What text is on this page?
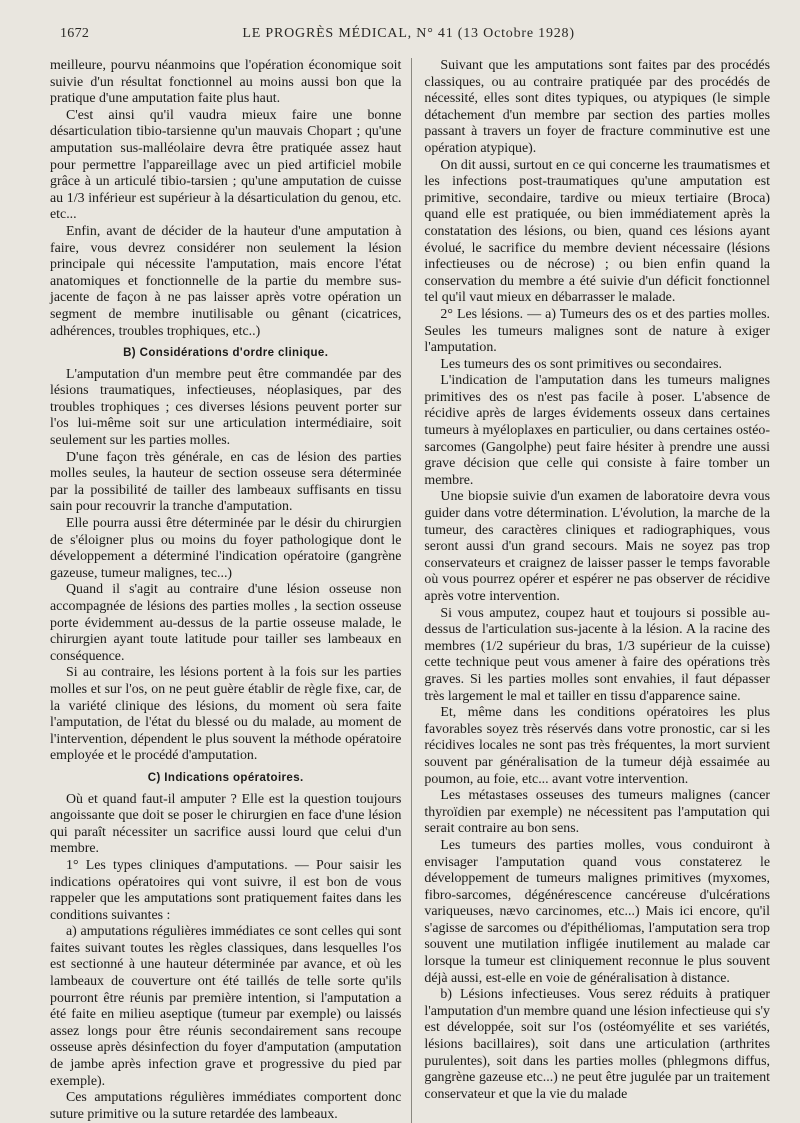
1672	LE PROGRÈS MÉDICAL, N° 41 (13 Octobre 1928)

meilleure, pourvu néanmoins que l'opération économique soit suivie d'un résultat fonctionnel au moins aussi bon que la pratique d'une amputation faite plus haut.

C'est ainsi qu'il vaudra mieux faire une bonne désarticulation tibio-tarsienne qu'un mauvais Chopart ; qu'une amputation sus-malléolaire devra être pratiquée assez haut pour permettre l'appareillage avec un pied artificiel mobile grâce à un articulé tibio-tarsien ; qu'une amputation de cuisse au 1/3 inférieur est supérieur à la désarticulation du genou, etc. etc...

Enfin, avant de décider de la hauteur d'une amputation à faire, vous devrez considérer non seulement la lésion principale qui nécessite l'amputation, mais encore l'état anatomiques et fonctionnelle de la partie du membre sus-jacente de façon à ne pas laisser après votre opération un segment de membre inutilisable ou gênant (cicatrices, adhérences, troubles trophiques, etc..)

B) Considérations d'ordre clinique.

L'amputation d'un membre peut être commandée par des lésions traumatiques, infectieuses, néoplasiques, par des troubles trophiques ; ces diverses lésions peuvent porter sur l'os lui-même soit sur une articulation intermédiaire, soit seulement sur les parties molles.

D'une façon très générale, en cas de lésion des parties molles seules, la hauteur de section osseuse sera déterminée par la possibilité de tailler des lambeaux suffisants en tissu sain pour recouvrir la tranche d'amputation.

Elle pourra aussi être déterminée par le désir du chirurgien de s'éloigner plus ou moins du foyer pathologique dont le développement a déterminé l'indication opératoire (gangrène gazeuse, tumeur malignes, tec...)

Quand il s'agit au contraire d'une lésion osseuse non accompagnée de lésions des parties molles , la section osseuse porte évidemment au-dessus de la partie osseuse malade, le chirurgien ayant toute latitude pour tailler ses lambeaux en conséquence.

Si au contraire, les lésions portent à la fois sur les parties molles et sur l'os, on ne peut guère établir de règle fixe, car, de la variété clinique des lésions, du moment où sera faite l'amputation, de l'état du blessé ou du malade, au moment de l'intervention, dépendent le plus souvent la méthode opératoire employée et le procédé d'amputation.

C) Indications opératoires.

Où et quand faut-il amputer ? Elle est la question toujours angoissante que doit se poser le chirurgien en face d'une lésion qui paraît nécessiter un sacrifice aussi lourd que celui d'un membre.

1° Les types cliniques d'amputations. — Pour saisir les indications opératoires qui vont suivre, il est bon de vous rappeler que les amputations sont pratiquement faites dans les conditions suivantes :

a) amputations régulières immédiates ce sont celles qui sont faites suivant toutes les règles classiques, dans lesquelles l'os est sectionné à une hauteur déterminée par avance, et où les lambeaux de couverture ont été taillés de telle sorte qu'ils pourront être réunis par première intention, si l'amputation a été faite en milieu aseptique (tumeur par exemple) ou laissés assez longs pour être réunis secondairement sans recoupe osseuse après désinfection du foyer d'amputation (amputation de jambe après infection grave et progressive du pied par exemple).

Ces amputations régulières immédiates comportent donc suture primitive ou la suture retardée des lambeaux.

Suivant que les amputations sont faites par des procédés classiques, ou au contraire pratiquée par des procédés de nécessité, elles sont dites typiques, ou atypiques (le simple détachement d'un membre par section des parties molles passant à travers un foyer de fracture comminutive est une opération atypique).

On dit aussi, surtout en ce qui concerne les traumatismes et les infections post-traumatiques qu'une amputation est primitive, secondaire, tardive ou mieux tertiaire (Broca) quand elle est pratiquée, ou bien immédiatement après la constatation des lésions, ou bien, quand ces lésions ayant évolué, le sacrifice du membre devient nécessaire (lésions infectieuses ou de nécrose) ; ou bien enfin quand la conservation du membre a été suivie d'un déficit fonctionnel tel qu'il vaut mieux en débarrasser le malade.

2° Les lésions. — a) Tumeurs des os et des parties molles. Seules les tumeurs malignes sont de nature à exiger l'amputation.

Les tumeurs des os sont primitives ou secondaires.

L'indication de l'amputation dans les tumeurs malignes primitives des os n'est pas facile à poser. L'absence de récidive après de larges évidements osseux dans certaines tumeurs à myéloplaxes en particulier, ou dans certaines ostéo-sarcomes (Gangolphe) peut faire hésiter à prendre une aussi grave décision que celle qui consiste à faire tomber un membre.

Une biopsie suivie d'un examen de laboratoire devra vous guider dans votre détermination. L'évolution, la marche de la tumeur, des caractères cliniques et radiographiques, vous seront aussi d'un grand secours. Mais ne soyez pas trop conservateurs et craignez de laisser passer le temps favorable où vous pourrez opérer et espérer ne pas observer de récidive après votre intervention.

Si vous amputez, coupez haut et toujours si possible au-dessus de l'articulation sus-jacente à la lésion. A la racine des membres (1/2 supérieur du bras, 1/3 supérieur de la cuisse) cette technique peut vous amener à faire des opérations très graves. Si les parties molles sont envahies, il faut dépasser très largement le mal et tailler en tissu d'apparence saine.

Et, même dans les conditions opératoires les plus favorables soyez très réservés dans votre pronostic, car si les récidives locales ne sont pas très fréquentes, la mort survient souvent par généralisation de la tumeur déjà essaimée au poumon, au foie, etc... avant votre intervention.

Les métastases osseuses des tumeurs malignes (cancer thyroïdien par exemple) ne nécessitent pas l'amputation qui serait contraire au bon sens.

Les tumeurs des parties molles, vous conduiront à envisager l'amputation quand vous constaterez le développement de tumeurs malignes primitives (myxomes, fibro-sarcomes, dégénérescence cancéreuse d'ulcérations variqueuses, nævo carcinomes, etc...) Mais ici encore, qu'il s'agisse de sarcomes ou d'épithéliomas, l'amputation sera trop souvent une mutilation infligée inutilement au malade car lorsque la tumeur est cliniquement reconnue le plus souvent déjà aussi, est-elle en voie de généralisation à distance.

b) Lésions infectieuses. Vous serez réduits à pratiquer l'amputation d'un membre quand une lésion infectieuse qui s'y est développée, soit sur l'os (ostéomyélite et ses variétés, lésions bacillaires), soit dans une articulation (arthrites purulentes), soit dans les parties molles (phlegmons diffus, gangrène gazeuse etc...) ne peut être jugulée par un traitement conservateur et que la vie du malade
